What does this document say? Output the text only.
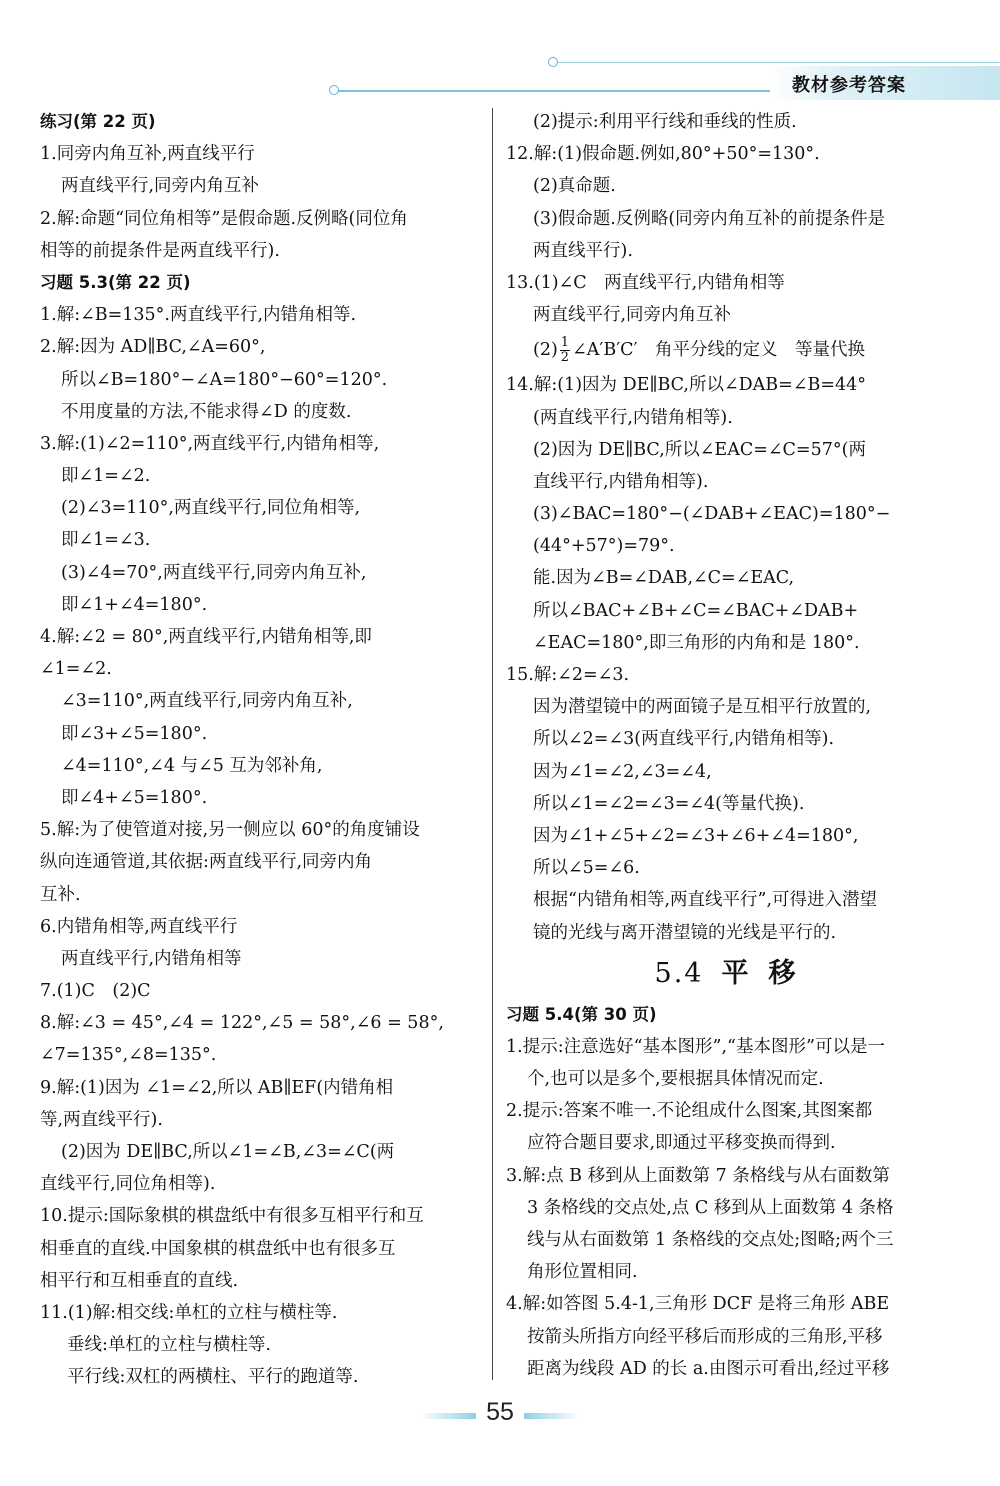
教材参考答案
练习(第 22 页)
1.同旁内角互补,两直线平行
两直线平行,同旁内角互补
2.解:命题“同位角相等”是假命题.反例略(同位角
相等的前提条件是两直线平行).
习题 5.3(第 22 页)
1.解:∠B=135°.两直线平行,内错角相等.
2.解:因为 AD∥BC,∠A=60°,
所以∠B=180°−∠A=180°−60°=120°.
不用度量的方法,不能求得∠D 的度数.
3.解:(1)∠2=110°,两直线平行,内错角相等,
即∠1=∠2.
(2)∠3=110°,两直线平行,同位角相等,
即∠1=∠3.
(3)∠4=70°,两直线平行,同旁内角互补,
即∠1+∠4=180°.
4.解:∠2 = 80°,两直线平行,内错角相等,即
∠1=∠2.
∠3=110°,两直线平行,同旁内角互补,
即∠3+∠5=180°.
∠4=110°,∠4 与∠5 互为邻补角,
即∠4+∠5=180°.
5.解:为了使管道对接,另一侧应以 60°的角度铺设
纵向连通管道,其依据:两直线平行,同旁内角
互补.
6.内错角相等,两直线平行
两直线平行,内错角相等
7.(1)C　(2)C
8.解:∠3 = 45°,∠4 = 122°,∠5 = 58°,∠6 = 58°,
∠7=135°,∠8=135°.
9.解:(1)因为 ∠1=∠2,所以 AB∥EF(内错角相
等,两直线平行).
(2)因为 DE∥BC,所以∠1=∠B,∠3=∠C(两
直线平行,同位角相等).
10.提示:国际象棋的棋盘纸中有很多互相平行和互
相垂直的直线.中国象棋的棋盘纸中也有很多互
相平行和互相垂直的直线.
11.(1)解:相交线:单杠的立柱与横柱等.
垂线:单杠的立柱与横柱等.
平行线:双杠的两横柱、平行的跑道等.
(2)提示:利用平行线和垂线的性质.
12.解:(1)假命题.例如,80°+50°=130°.
(2)真命题.
(3)假命题.反例略(同旁内角互补的前提条件是
两直线平行).
13.(1)∠C　两直线平行,内错角相等
两直线平行,同旁内角互补
$(2) \frac{1}{2}$ ∠A′B′C′　角平分线的定义　等量代换
14.解:(1)因为 DE∥BC,所以∠DAB=∠B=44°
(两直线平行,内错角相等).
(2)因为 DE∥BC,所以∠EAC=∠C=57°(两
直线平行,内错角相等).
(3)∠BAC=180°−(∠DAB+∠EAC)=180°−
(44°+57°)=79°.
能.因为∠B=∠DAB,∠C=∠EAC,
所以∠BAC+∠B+∠C=∠BAC+∠DAB+
∠EAC=180°,即三角形的内角和是 180°.
15.解:∠2=∠3.
因为潜望镜中的两面镜子是互相平行放置的,
所以∠2=∠3(两直线平行,内错角相等).
因为∠1=∠2,∠3=∠4,
所以∠1=∠2=∠3=∠4(等量代换).
因为∠1+∠5+∠2=∠3+∠6+∠4=180°,
所以∠5=∠6.
根据“内错角相等,两直线平行”,可得进入潜望
镜的光线与离开潜望镜的光线是平行的.
5.4 平 移
习题 5.4(第 30 页)
1.提示:注意选好“基本图形”,“基本图形”可以是一
个,也可以是多个,要根据具体情况而定.
2.提示:答案不唯一.不论组成什么图案,其图案都
应符合题目要求,即通过平移变换而得到.
3.解:点 B 移到从上面数第 7 条格线与从右面数第
3 条格线的交点处,点 C 移到从上面数第 4 条格
线与从右面数第 1 条格线的交点处;图略;两个三
角形位置相同.
4.解:如答图 5.4-1,三角形 DCF 是将三角形 ABE
按箭头所指方向经平移后而形成的三角形,平移
距离为线段 AD 的长 a.由图示可看出,经过平移
55
